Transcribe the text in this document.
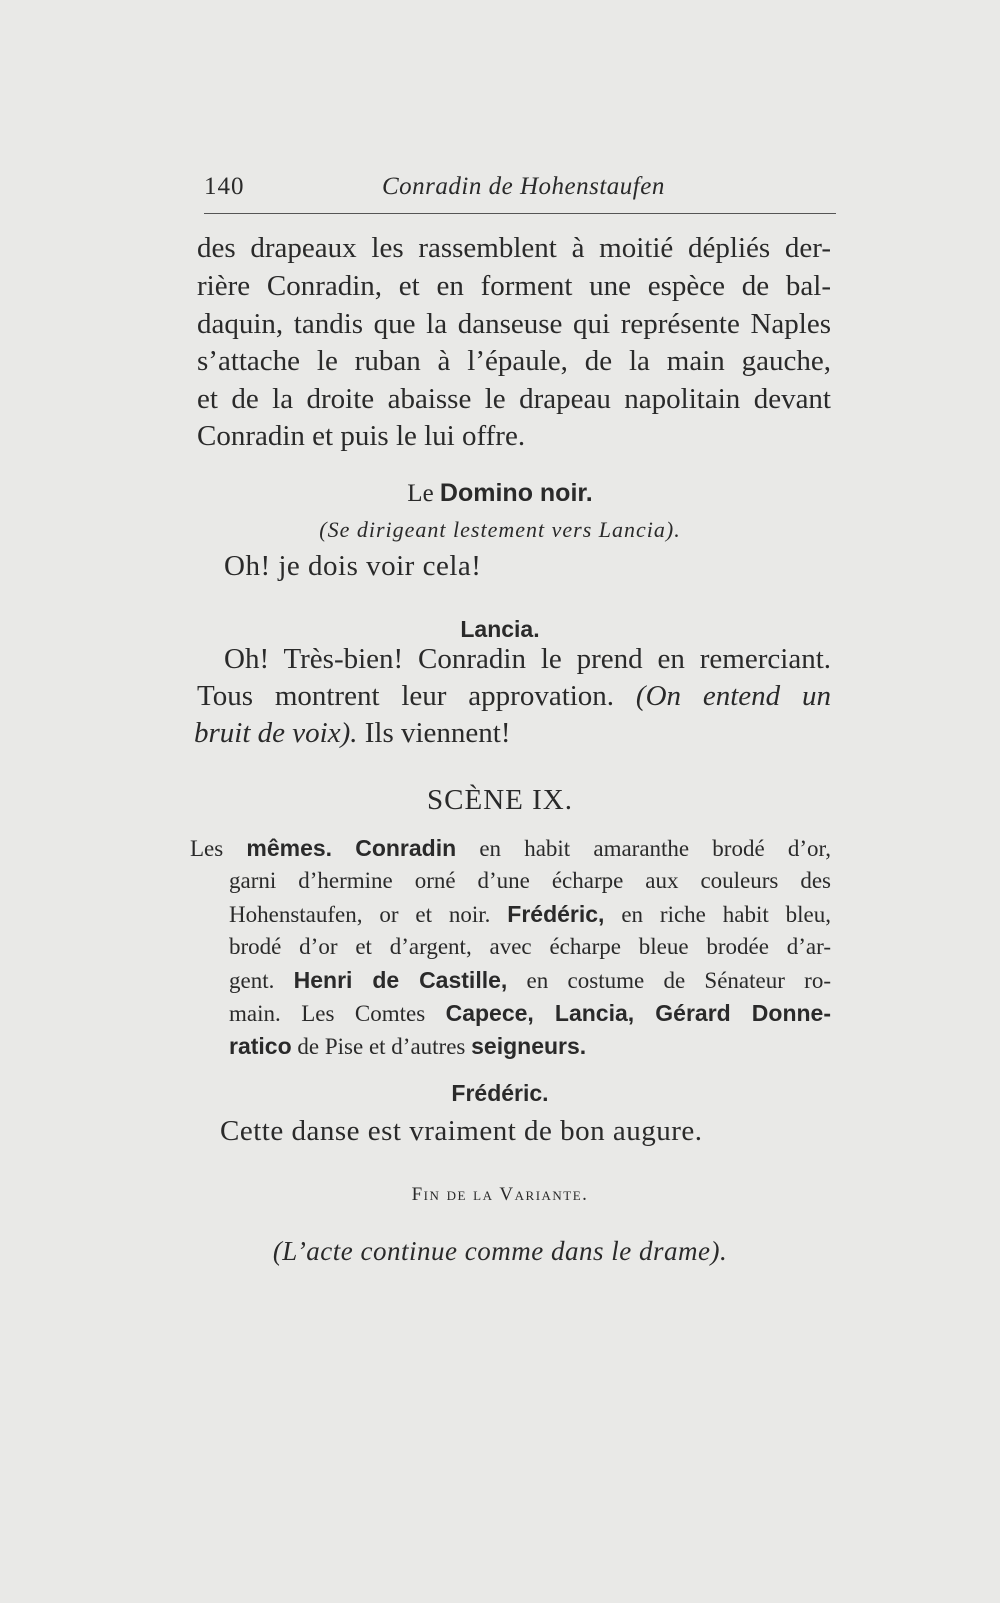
140	Conradin de Hohenstaufen
des drapeaux les rassemblent à moitié dépliés der-
rière Conradin, et en forment une espèce de bal-
daquin, tandis que la danseuse qui représente Naples
s’attache le ruban à l’épaule, de la main gauche,
et de la droite abaisse le drapeau napolitain devant
Conradin et puis le lui offre.
Le Domino noir.
(Se dirigeant lestement vers Lancia).
Oh! je dois voir cela!
Lancia.
Oh! Très-bien! Conradin le prend en remerciant.
Tous montrent leur approvation. (On entend un
bruit de voix). Ils viennent!
SCÈNE IX.
Les mêmes. Conradin en habit amaranthe brodé d’or,
garni d’hermine orné d’une écharpe aux couleurs des
Hohenstaufen, or et noir. Frédéric, en riche habit bleu,
brodé d’or et d’argent, avec écharpe bleue brodée d’ar-
gent. Henri de Castille, en costume de Sénateur ro-
main. Les Comtes Capece, Lancia, Gérard Donne-
ratico de Pise et d’autres seigneurs.
Frédéric.
Cette danse est vraiment de bon augure.
Fin de la Variante.
(L’acte continue comme dans le drame).
